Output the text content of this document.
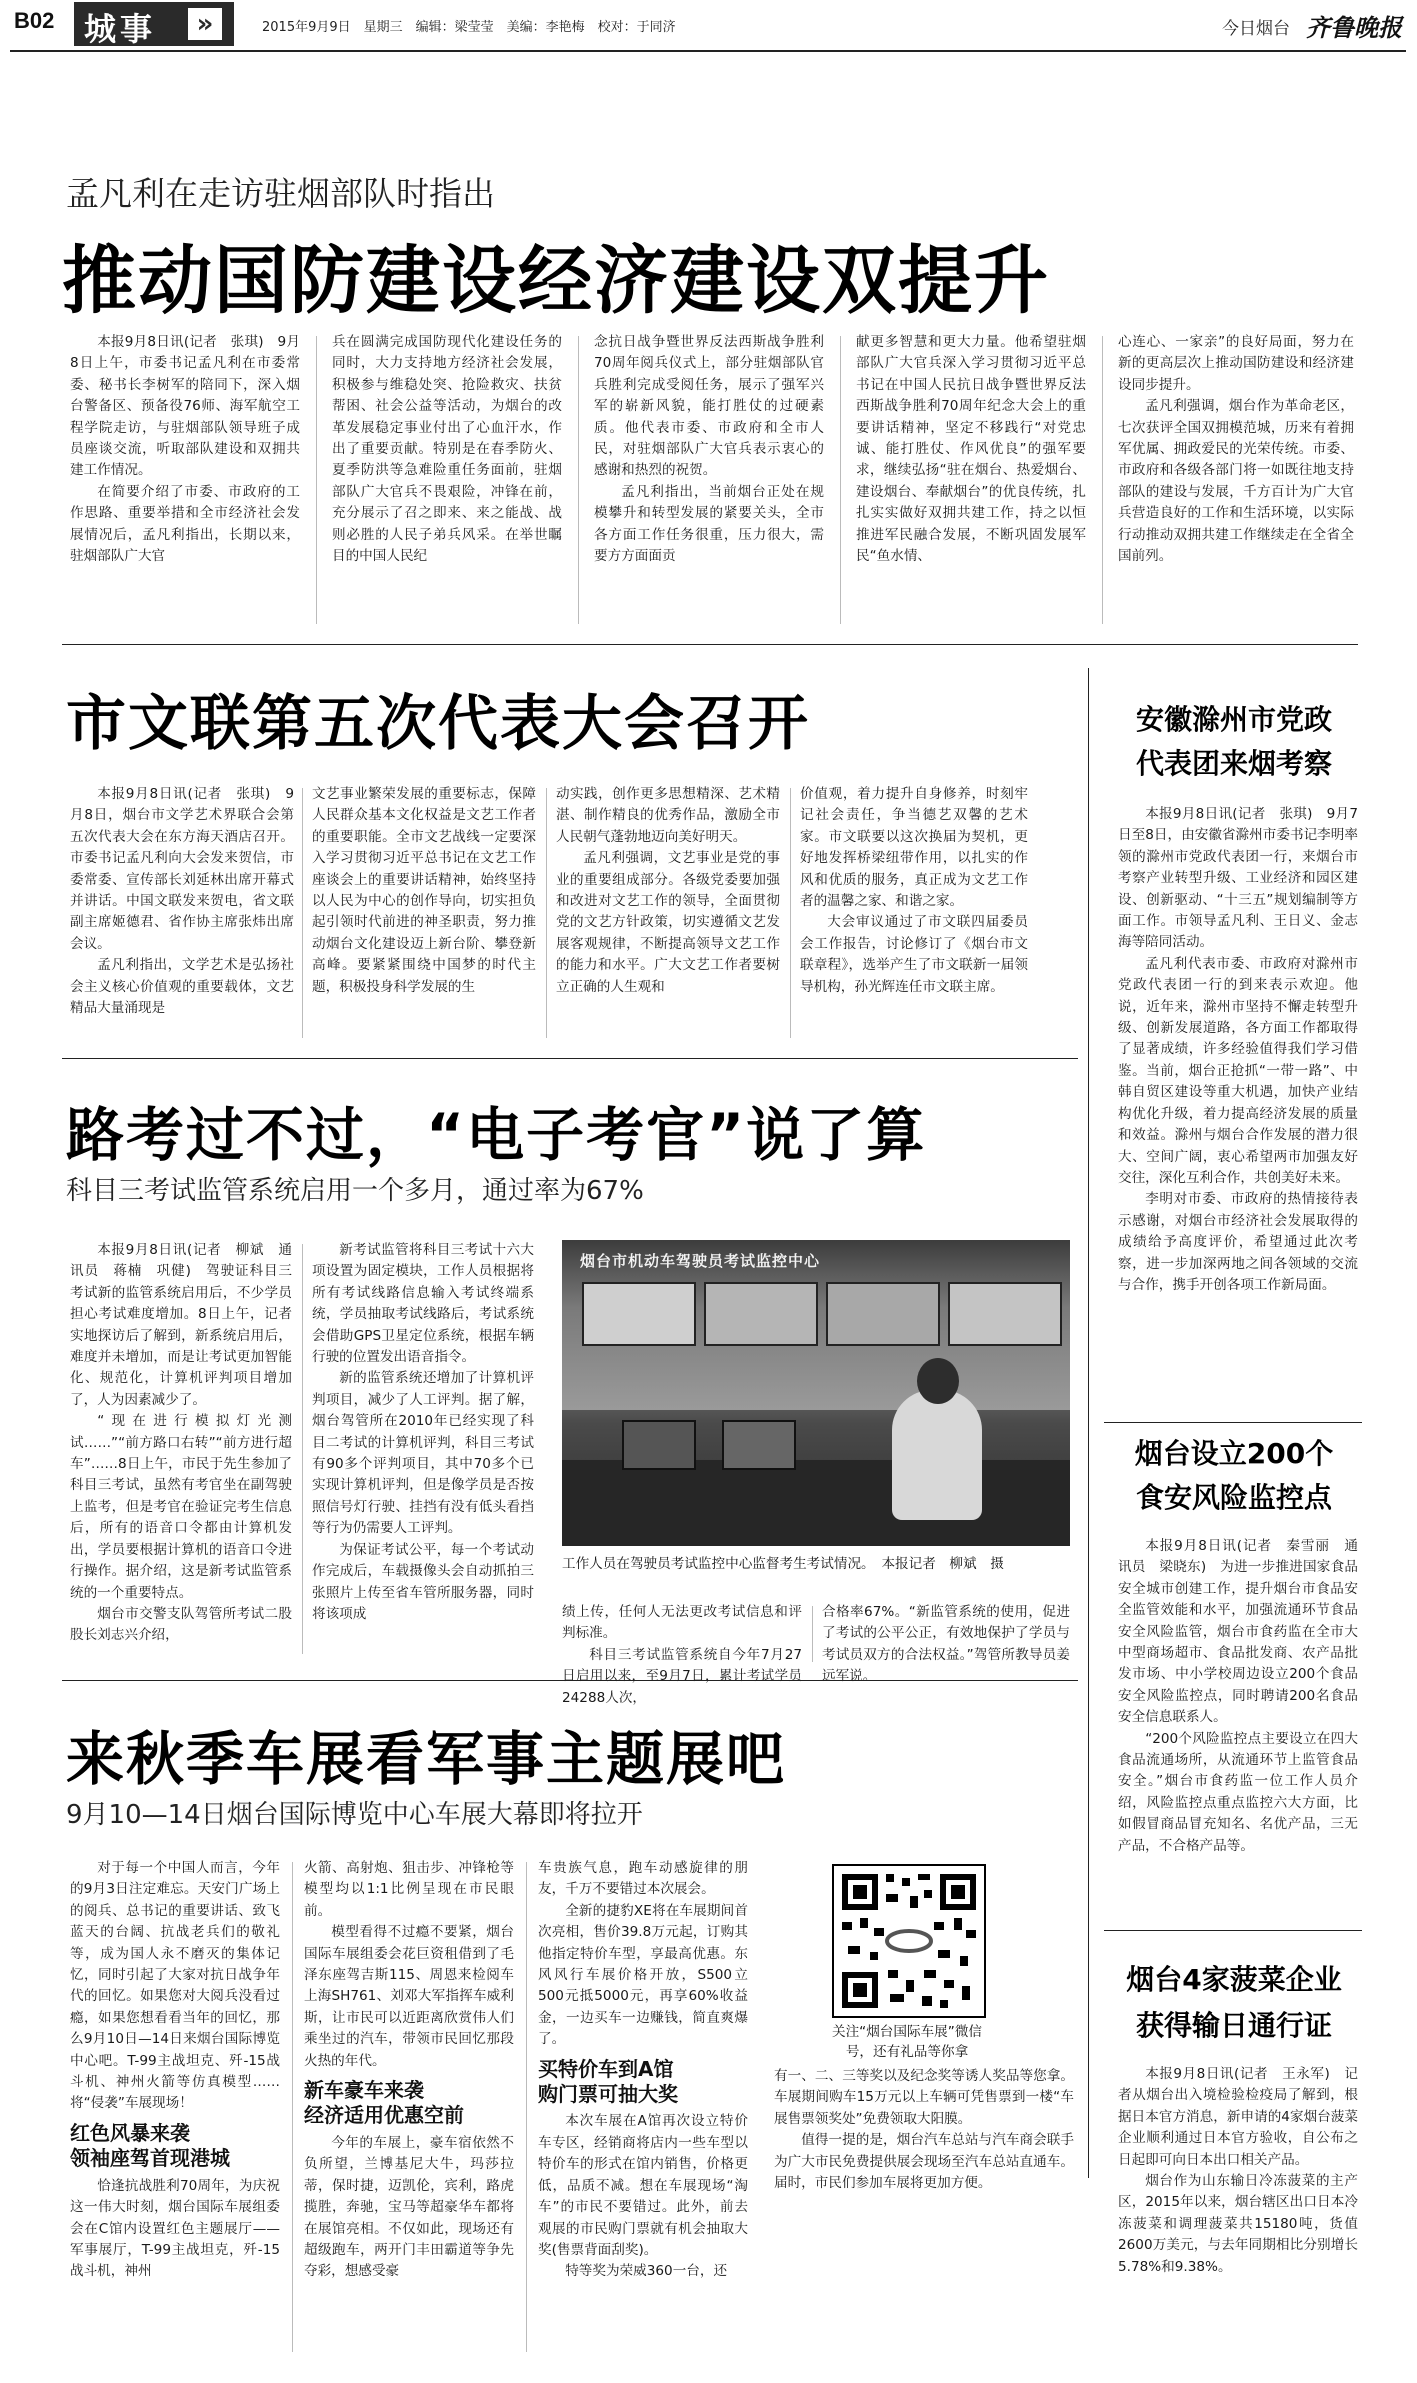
B02 城事	»	2015年9月9日　星期三　编辑：梁莹莹　美编：李艳梅　校对：于同济	今日烟台 齐鲁晚报
孟凡利在走访驻烟部队时指出
推动国防建设经济建设双提升

本报9月8日讯(记者　张琪)　9月8日上午，市委书记孟凡利在市委常委、秘书长李树军的陪同下，深入烟台警备区、预备役76师、海军航空工程学院走访，与驻烟部队领导班子成员座谈交流，听取部队建设和双拥共建工作情况。

在简要介绍了市委、市政府的工作思路、重要举措和全市经济社会发展情况后，孟凡利指出，长期以来，驻烟部队广大官

兵在圆满完成国防现代化建设任务的同时，大力支持地方经济社会发展，积极参与维稳处突、抢险救灾、扶贫帮困、社会公益等活动，为烟台的改革发展稳定事业付出了心血汗水，作出了重要贡献。特别是在春季防火、夏季防洪等急难险重任务面前，驻烟部队广大官兵不畏艰险，冲锋在前，充分展示了召之即来、来之能战、战则必胜的人民子弟兵风采。在举世瞩目的中国人民纪

念抗日战争暨世界反法西斯战争胜利70周年阅兵仪式上，部分驻烟部队官兵胜利完成受阅任务，展示了强军兴军的崭新风貌，能打胜仗的过硬素质。他代表市委、市政府和全市人民，对驻烟部队广大官兵表示衷心的感谢和热烈的祝贺。

孟凡利指出，当前烟台正处在规模攀升和转型发展的紧要关头，全市各方面工作任务很重，压力很大，需要方方面面贡

献更多智慧和更大力量。他希望驻烟部队广大官兵深入学习贯彻习近平总书记在中国人民抗日战争暨世界反法西斯战争胜利70周年纪念大会上的重要讲话精神，坚定不移践行“对党忠诚、能打胜仗、作风优良”的强军要求，继续弘扬“驻在烟台、热爱烟台、建设烟台、奉献烟台”的优良传统，扎扎实实做好双拥共建工作，持之以恒推进军民融合发展，不断巩固发展军民“鱼水情、

心连心、一家亲”的良好局面，努力在新的更高层次上推动国防建设和经济建设同步提升。

孟凡利强调，烟台作为革命老区，七次获评全国双拥模范城，历来有着拥军优属、拥政爱民的光荣传统。市委、市政府和各级各部门将一如既往地支持部队的建设与发展，千方百计为广大官兵营造良好的工作和生活环境，以实际行动推动双拥共建工作继续走在全省全国前列。

市文联第五次代表大会召开

本报9月8日讯(记者　张琪)　9月8日，烟台市文学艺术界联合会第五次代表大会在东方海天酒店召开。市委书记孟凡利向大会发来贺信，市委常委、宣传部长刘延林出席开幕式并讲话。中国文联发来贺电，省文联副主席姬德君、省作协主席张炜出席会议。

孟凡利指出，文学艺术是弘扬社会主义核心价值观的重要载体，文艺精品大量涌现是

文艺事业繁荣发展的重要标志，保障人民群众基本文化权益是文艺工作者的重要职能。全市文艺战线一定要深入学习贯彻习近平总书记在文艺工作座谈会上的重要讲话精神，始终坚持以人民为中心的创作导向，切实担负起引领时代前进的神圣职责，努力推动烟台文化建设迈上新台阶、攀登新高峰。要紧紧围绕中国梦的时代主题，积极投身科学发展的生

动实践，创作更多思想精深、艺术精湛、制作精良的优秀作品，激励全市人民朝气蓬勃地迈向美好明天。

孟凡利强调，文艺事业是党的事业的重要组成部分。各级党委要加强和改进对文艺工作的领导，全面贯彻党的文艺方针政策，切实遵循文艺发展客观规律，不断提高领导文艺工作的能力和水平。广大文艺工作者要树立正确的人生观和

价值观，着力提升自身修养，时刻牢记社会责任，争当德艺双馨的艺术家。市文联要以这次换届为契机，更好地发挥桥梁纽带作用，以扎实的作风和优质的服务，真正成为文艺工作者的温馨之家、和谐之家。

大会审议通过了市文联四届委员会工作报告，讨论修订了《烟台市文联章程》，选举产生了市文联新一届领导机构，孙光辉连任市文联主席。

安徽滁州市党政
代表团来烟考察

本报9月8日讯(记者　张琪)　9月7日至8日，由安徽省滁州市委书记李明率领的滁州市党政代表团一行，来烟台市考察产业转型升级、工业经济和园区建设、创新驱动、“十三五”规划编制等方面工作。市领导孟凡利、王日义、金志海等陪同活动。

孟凡利代表市委、市政府对滁州市党政代表团一行的到来表示欢迎。他说，近年来，滁州市坚持不懈走转型升级、创新发展道路，各方面工作都取得了显著成绩，许多经验值得我们学习借鉴。当前，烟台正抢抓“一带一路”、中韩自贸区建设等重大机遇，加快产业结构优化升级，着力提高经济发展的质量和效益。滁州与烟台合作发展的潜力很大、空间广阔，衷心希望两市加强友好交往，深化互利合作，共创美好未来。

李明对市委、市政府的热情接待表示感谢，对烟台市经济社会发展取得的成绩给予高度评价，希望通过此次考察，进一步加深两地之间各领域的交流与合作，携手开创各项工作新局面。

烟台设立200个
食安风险监控点

本报9月8日讯(记者　秦雪丽　通讯员　梁晓东)　为进一步推进国家食品安全城市创建工作，提升烟台市食品安全监管效能和水平，加强流通环节食品安全风险监管，烟台市食药监在全市大中型商场超市、食品批发商、农产品批发市场、中小学校周边设立200个食品安全风险监控点，同时聘请200名食品安全信息联系人。

“200个风险监控点主要设立在四大食品流通场所，从流通环节上监管食品安全。”烟台市食药监一位工作人员介绍，风险监控点重点监控六大方面，比如假冒商品冒充知名、名优产品，三无产品，不合格产品等。

烟台4家菠菜企业
获得输日通行证

本报9月8日讯(记者　王永军)　记者从烟台出入境检验检疫局了解到，根据日本官方消息，新申请的4家烟台菠菜企业顺利通过日本官方验收，自公布之日起即可向日本出口相关产品。

烟台作为山东输日冷冻菠菜的主产区，2015年以来，烟台辖区出口日本冷冻菠菜和调理菠菜共15180吨，货值2600万美元，与去年同期相比分别增长5.78%和9.38%。

路考过不过，“电子考官”说了算
科目三考试监管系统启用一个多月，通过率为67%

本报9月8日讯(记者　柳斌　通讯员　蒋楠　巩健)　驾驶证科目三考试新的监管系统启用后，不少学员担心考试难度增加。8日上午，记者实地探访后了解到，新系统启用后，难度并未增加，而是让考试更加智能化、规范化，计算机评判项目增加了，人为因素减少了。

“现在进行模拟灯光测试……”“前方路口右转”“前方进行超车”……8日上午，市民于先生参加了科目三考试，虽然有考官坐在副驾驶上监考，但是考官在验证完考生信息后，所有的语音口令都由计算机发出，学员要根据计算机的语音口令进行操作。据介绍，这是新考试监管系统的一个重要特点。

烟台市交警支队驾管所考试二股股长刘志兴介绍，

新考试监管将科目三考试十六大项设置为固定模块，工作人员根据将所有考试线路信息输入考试终端系统，学员抽取考试线路后，考试系统会借助GPS卫星定位系统，根据车辆行驶的位置发出语音指令。

新的监管系统还增加了计算机评判项目，减少了人工评判。据了解，烟台驾管所在2010年已经实现了科目二考试的计算机评判，科目三考试有90多个评判项目，其中70多个已实现计算机评判，但是像学员是否按照信号灯行驶、挂挡有没有低头看挡等行为仍需要人工评判。

为保证考试公平，每一个考试动作完成后，车载摄像头会自动抓拍三张照片上传至省车管所服务器，同时将该项成

烟台市机动车驾驶员考试监控中心
工作人员在驾驶员考试监控中心监督考生考试情况。　本报记者　柳斌　摄

绩上传，任何人无法更改考试信息和评判标准。

科目三考试监管系统自今年7月27日启用以来，至9月7日，累计考试学员24288人次，

合格率67%。“新监管系统的使用，促进了考试的公平公正，有效地保护了学员与考试员双方的合法权益。”驾管所教导员姜远军说。

来秋季车展看军事主题展吧
9月10—14日烟台国际博览中心车展大幕即将拉开

对于每一个中国人而言，今年的9月3日注定难忘。天安门广场上的阅兵、总书记的重要讲话、致飞蓝天的台阔、抗战老兵们的敬礼等，成为国人永不磨灭的集体记忆，同时引起了大家对抗日战争年代的回忆。如果您对大阅兵没看过瘾，如果您想看看当年的回忆，那么9月10日—14日来烟台国际博览中心吧。T-99主战坦克、歼-15战斗机、神州火箭等仿真模型……将“侵袭”车展现场！

红色风暴来袭
领袖座驾首现港城

恰逢抗战胜利70周年，为庆祝这一伟大时刻，烟台国际车展组委会在C馆内设置红色主题展厅——军事展厅，T-99主战坦克，歼-15战斗机，神州

火箭、高射炮、狙击步、冲锋枪等模型均以1:1比例呈现在市民眼前。

模型看得不过瘾不要紧，烟台国际车展组委会花巨资租借到了毛泽东座驾吉斯115、周恩来检阅车上海SH761、刘邓大军指挥车威利斯，让市民可以近距离欣赏伟人们乘坐过的汽车，带领市民回忆那段火热的年代。

新车豪车来袭
经济适用优惠空前

今年的车展上，豪车宿依然不负所望，兰博基尼大牛，玛莎拉蒂，保时捷，迈凯伦，宾利，路虎揽胜，奔驰，宝马等超豪华车都将在展馆亮相。不仅如此，现场还有超级跑车，两开门丰田霸道等争先夺彩，想感受豪

车贵族气息，跑车动感旋律的朋友，千万不要错过本次展会。

全新的捷豹XE将在车展期间首次亮相，售价39.8万元起，订购其他指定特价车型，享最高优惠。东风风行车展价格开放，S500立500元抵5000元，再享60%收益金，一边买车一边赚钱，简直爽爆了。

买特价车到A馆
购门票可抽大奖

本次车展在A馆再次设立特价车专区，经销商将店内一些车型以特价车的形式在馆内销售，价格更低，品质不减。想在车展现场“淘车”的市民不要错过。此外，前去观展的市民购门票就有机会抽取大奖(售票背面刮奖)。

特等奖为荣威360一台，还

关注“烟台国际车展”微信号，还有礼品等你拿

有一、二、三等奖以及纪念奖等诱人奖品等您拿。车展期间购车15万元以上车辆可凭售票到一楼“车展售票领奖处”免费领取大阳膜。

值得一提的是，烟台汽车总站与汽车商会联手为广大市民免费提供展会现场至汽车总站直通车。届时，市民们参加车展将更加方便。
